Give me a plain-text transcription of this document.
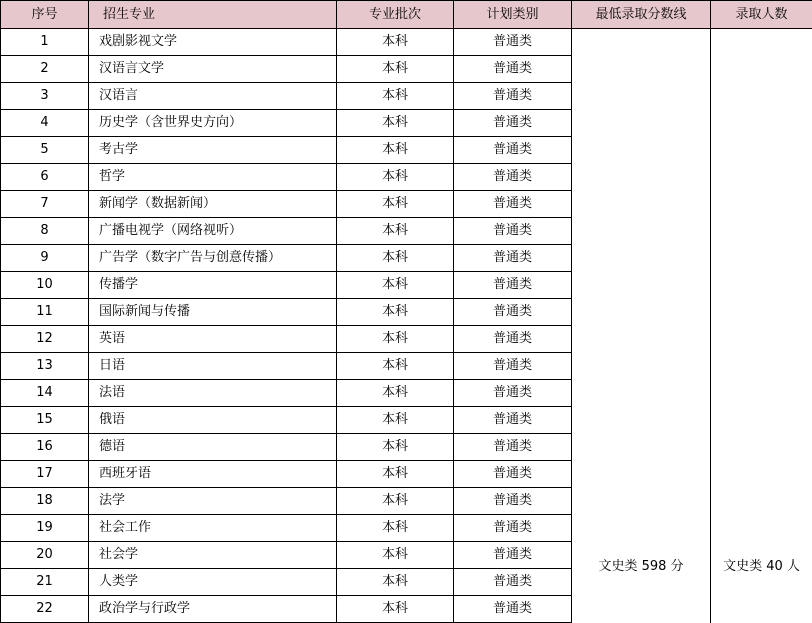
序号	招生专业	专业批次	计划类别	最低录取分数线	录取人数
1	戏剧影视文学	本科	普通类	文史类 598 分	文史类 40 人

2	汉语言文学	本科	普通类		
3	汉语言	本科	普通类		
4	历史学（含世界史方向）	本科	普通类		
5	考古学	本科	普通类		
6	哲学	本科	普通类		
7	新闻学（数据新闻）	本科	普通类		
8	广播电视学（网络视听）	本科	普通类		
9	广告学（数字广告与创意传播）	本科	普通类		
10	传播学	本科	普通类		
11	国际新闻与传播	本科	普通类		
12	英语	本科	普通类		
13	日语	本科	普通类		
14	法语	本科	普通类		
15	俄语	本科	普通类		
16	德语	本科	普通类		
17	西班牙语	本科	普通类		
18	法学	本科	普通类		
19	社会工作	本科	普通类		
20	社会学	本科	普通类		
21	人类学	本科	普通类		
22	政治学与行政学	本科	普通类		
